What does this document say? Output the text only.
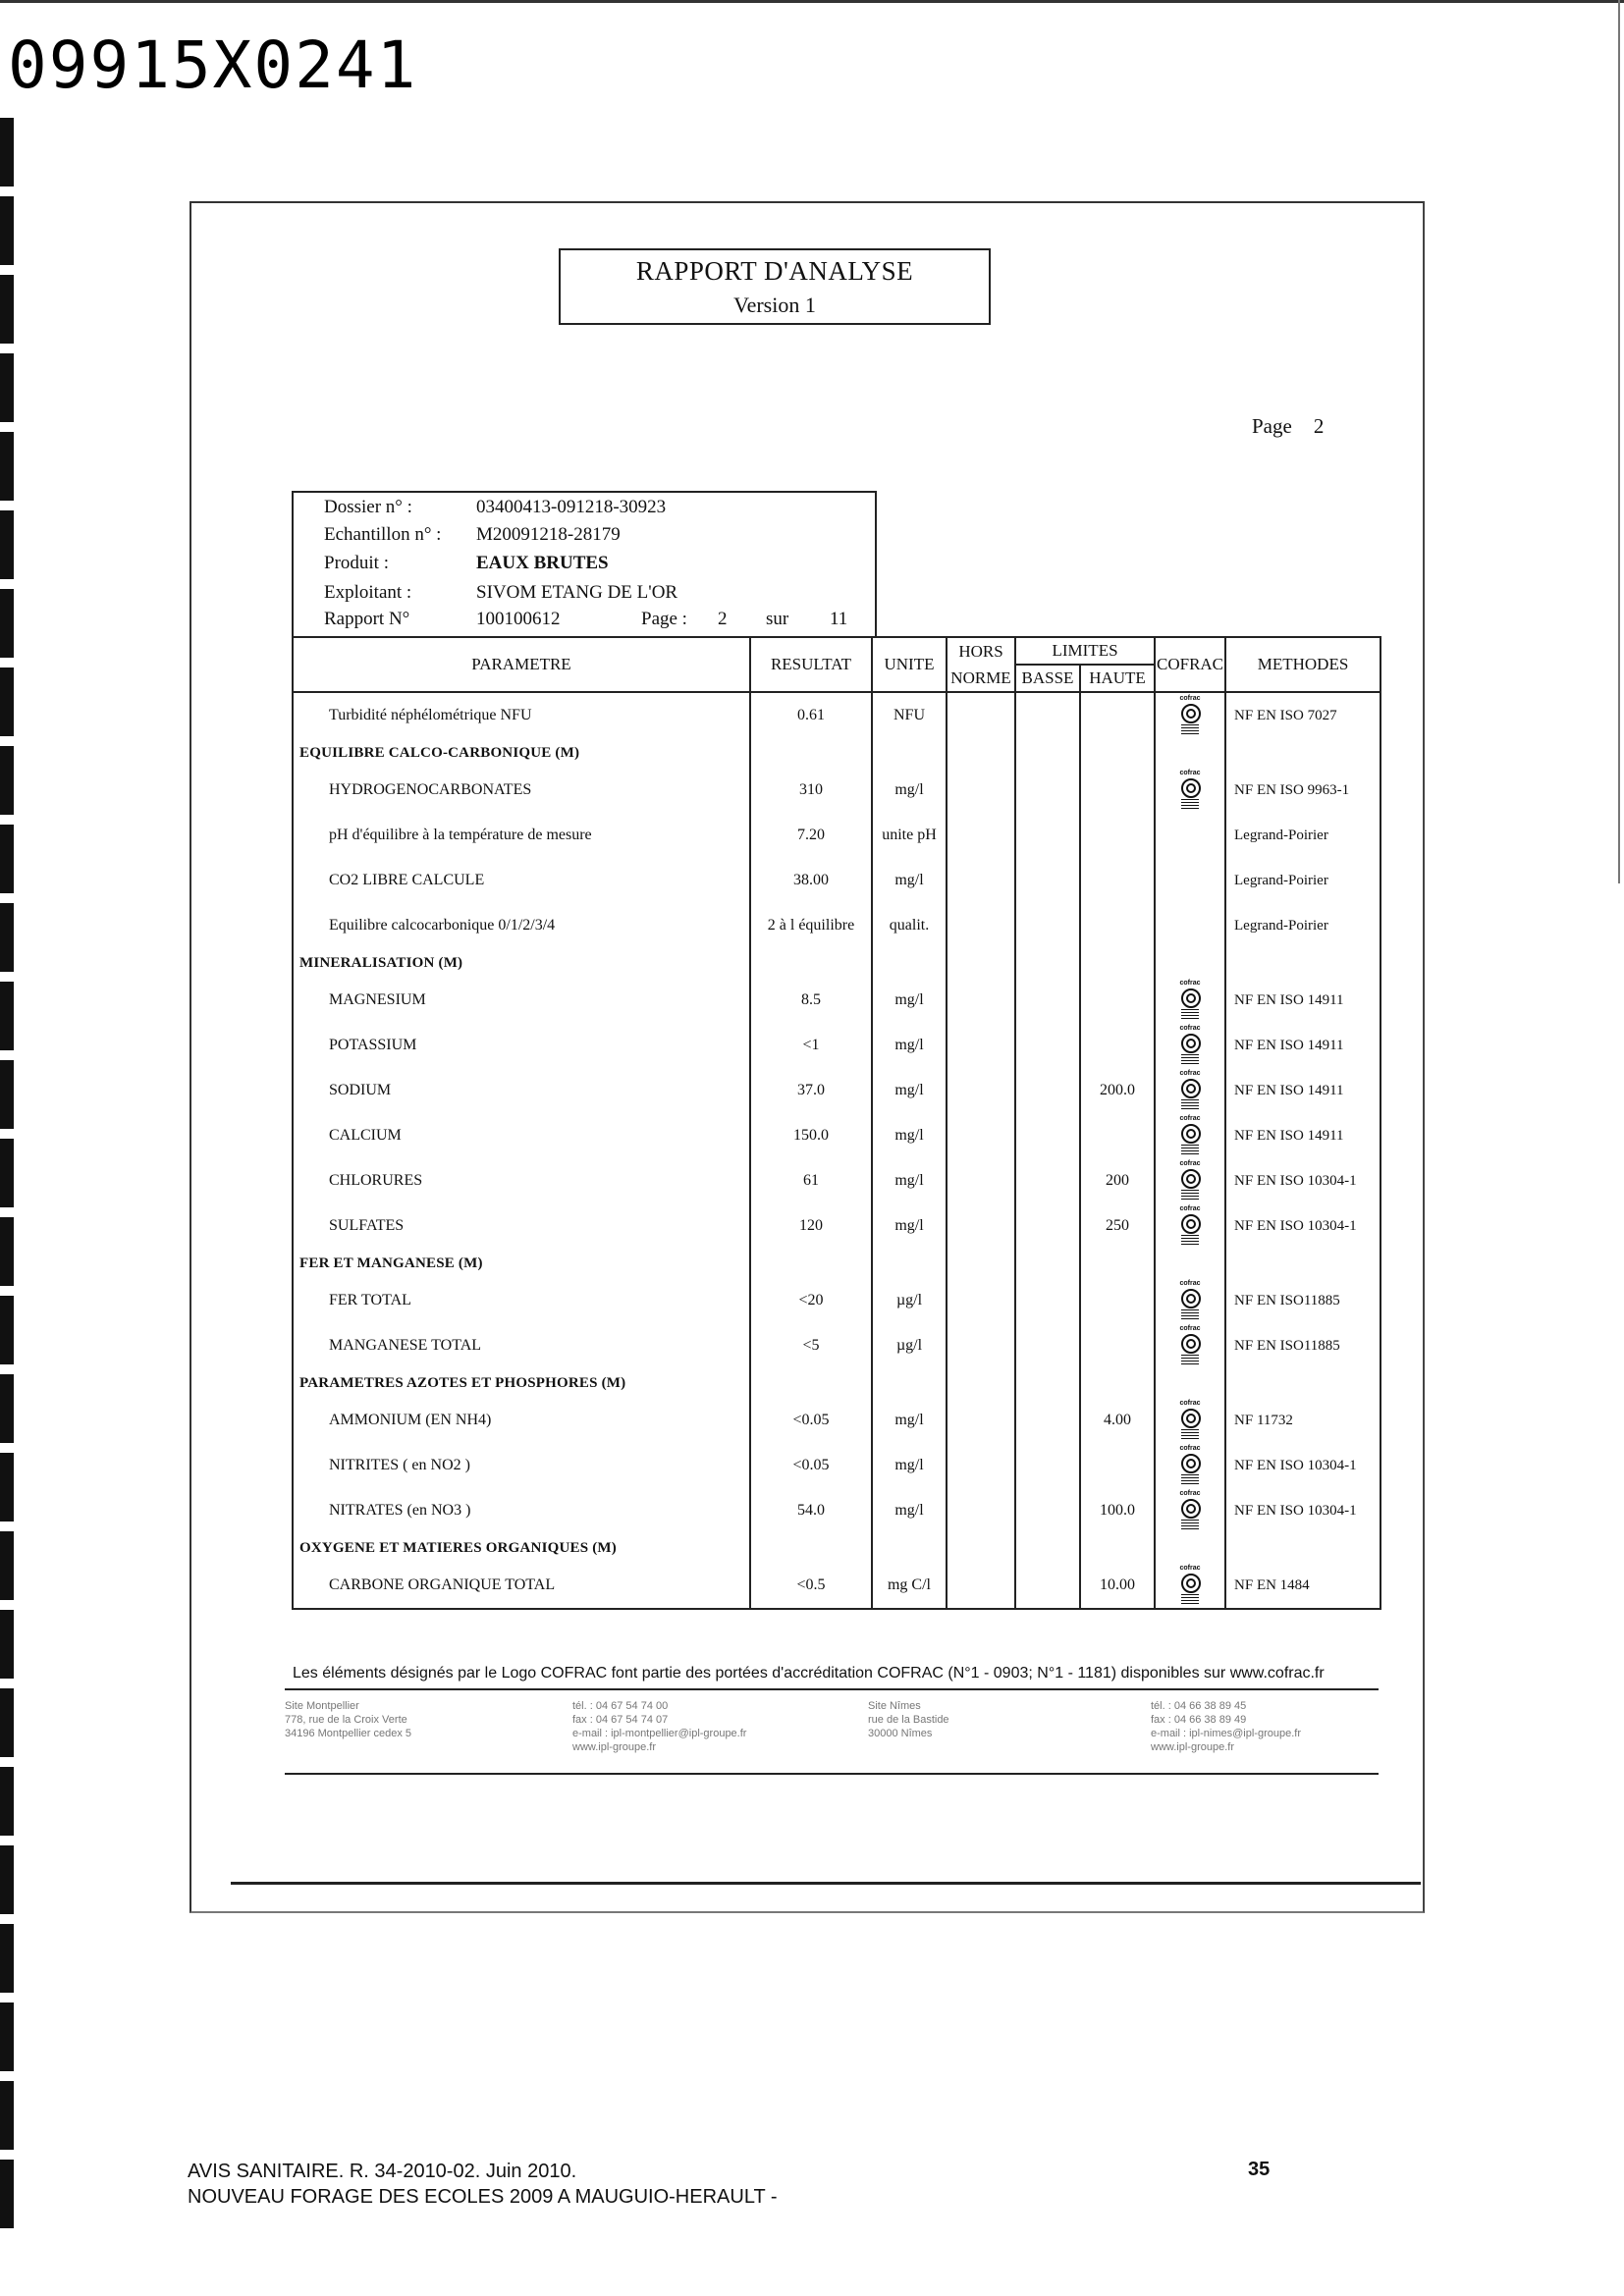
09915X0241
RAPPORT D'ANALYSE
Version 1
Page 2
Dossier n° :	03400413-091218-30923
Echantillon n° : M20091218-28179
Produit :	EAUX BRUTES
Exploitant :	SIVOM ETANG DE L'OR
Rapport N°	100100612	Page : 2 sur 11
PARAMETRE	RESULTAT	UNITE	HORS	LIMITES		COFRAC	METHODES
			NORME	BASSE	HAUTE		
Turbidité néphélométrique NFU	0.61	NFU				cofrac	NF EN ISO 7027
EQUILIBRE CALCO-CARBONIQUE (M)							
HYDROGENOCARBONATES	310	mg/l				cofrac	NF EN ISO 9963-1
pH d'équilibre à la température de mesure	7.20	unite pH					Legrand-Poirier
CO2 LIBRE CALCULE	38.00	mg/l					Legrand-Poirier
Equilibre calcocarbonique 0/1/2/3/4	2 à l équilibre	qualit.					Legrand-Poirier
MINERALISATION (M)							
MAGNESIUM	8.5	mg/l				cofrac	NF EN ISO 14911
POTASSIUM	<1	mg/l				cofrac	NF EN ISO 14911
SODIUM	37.0	mg/l			200.0	cofrac	NF EN ISO 14911
CALCIUM	150.0	mg/l				cofrac	NF EN ISO 14911
CHLORURES	61	mg/l			200	cofrac	NF EN ISO 10304-1
SULFATES	120	mg/l			250	cofrac	NF EN ISO 10304-1
FER ET MANGANESE (M)							
FER TOTAL	<20	µg/l				cofrac	NF EN ISO11885
MANGANESE TOTAL	<5	µg/l				cofrac	NF EN ISO11885
PARAMETRES AZOTES ET PHOSPHORES (M)							
AMMONIUM (EN NH4)	<0.05	mg/l			4.00	cofrac	NF 11732
NITRITES ( en NO2 )	<0.05	mg/l				cofrac	NF EN ISO 10304-1
NITRATES (en NO3 )	54.0	mg/l			100.0	cofrac	NF EN ISO 10304-1
OXYGENE ET MATIERES ORGANIQUES (M)							
CARBONE ORGANIQUE TOTAL	<0.5	mg C/l			10.00	cofrac	NF EN 1484
Les éléments désignés par le Logo COFRAC font partie des portées d'accréditation COFRAC (N°1 - 0903; N°1 - 1181) disponibles sur www.cofrac.fr
Site Montpellier
778, rue de la Croix Verte
34196 Montpellier cedex 5
tél. : 04 67 54 74 00
fax : 04 67 54 74 07
e-mail : ipl-montpellier@ipl-groupe.fr
www.ipl-groupe.fr
Site Nîmes
rue de la Bastide
30000 Nîmes
tél. : 04 66 38 89 45
fax : 04 66 38 89 49
e-mail : ipl-nimes@ipl-groupe.fr
www.ipl-groupe.fr
AVIS SANITAIRE. R. 34-2010-02. Juin 2010.
NOUVEAU FORAGE DES ECOLES 2009 A MAUGUIO-HERAULT -
35
